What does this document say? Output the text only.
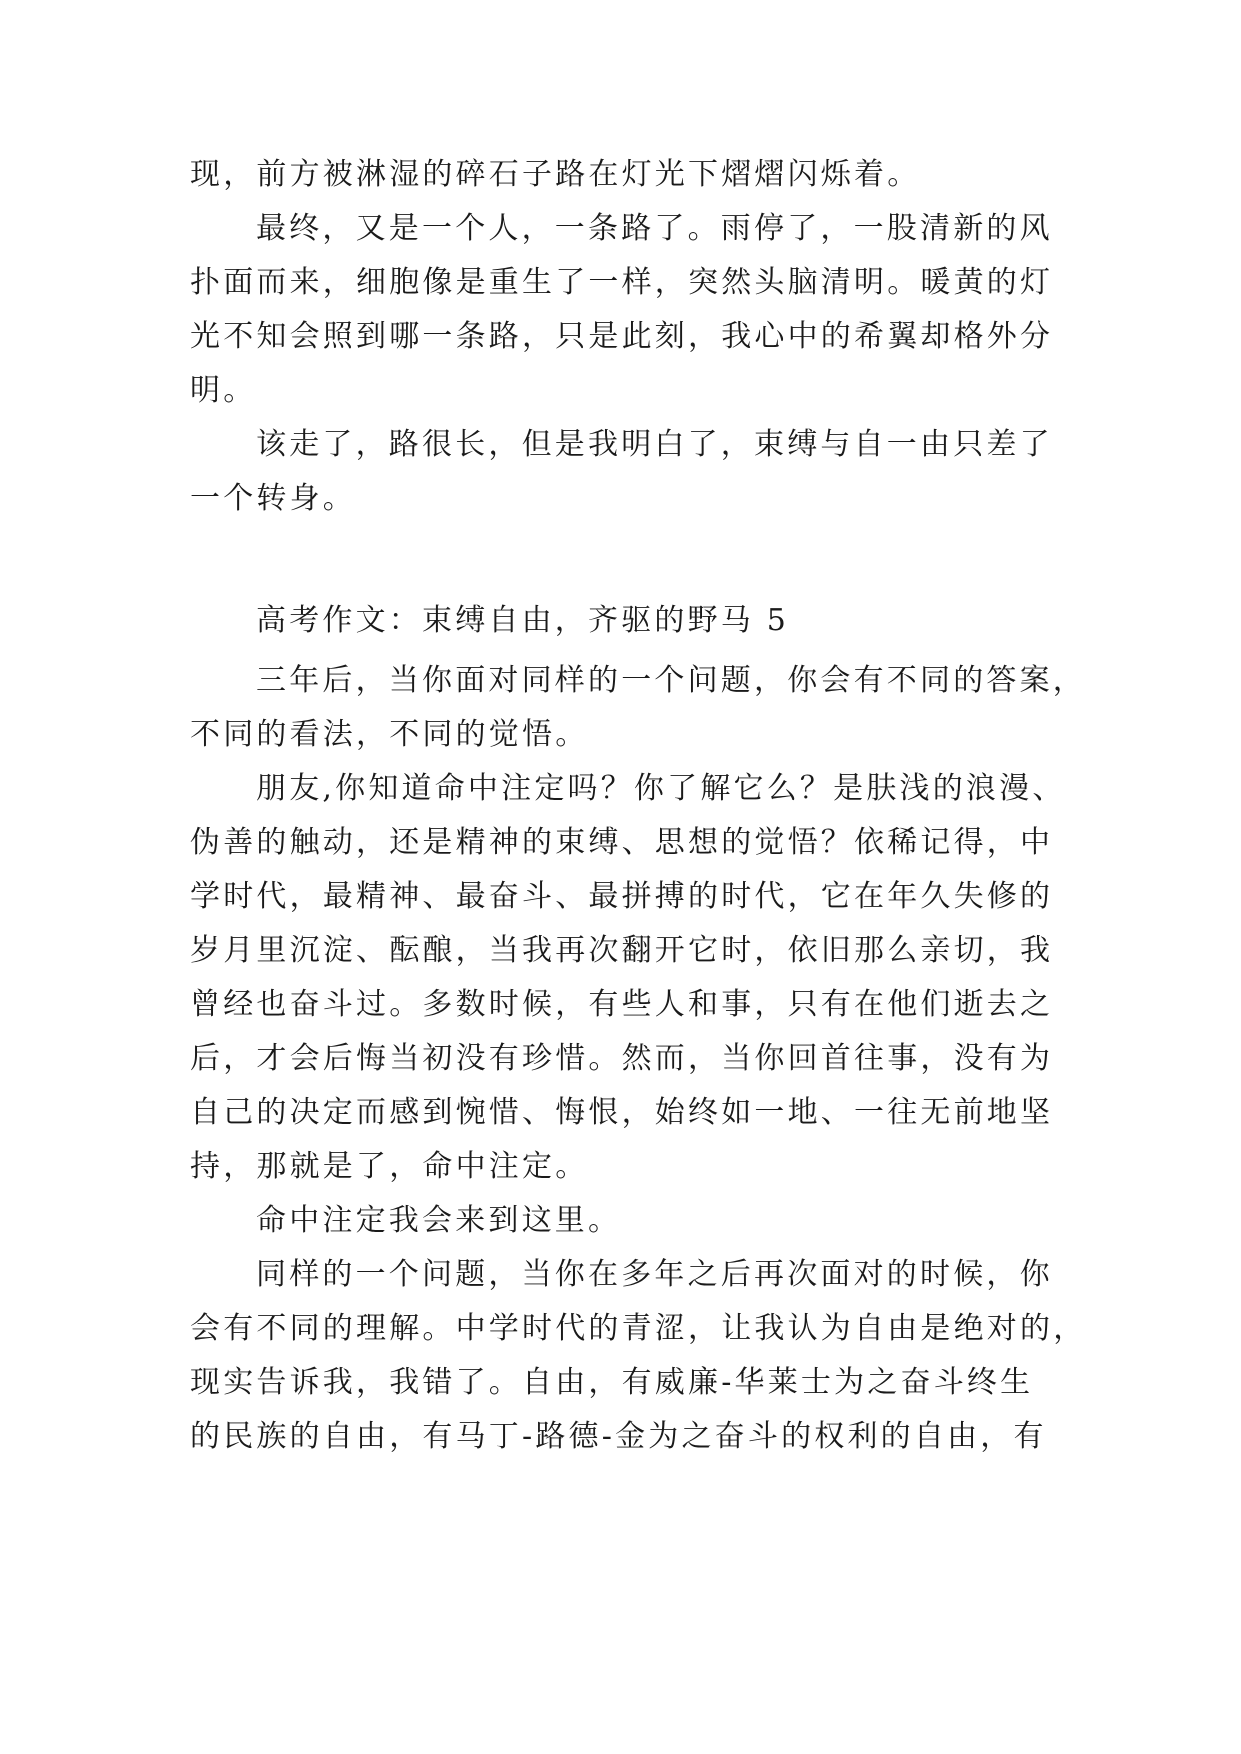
现，前方被淋湿的碎石子路在灯光下熠熠闪烁着。

最终，又是一个人，一条路了。雨停了，一股清新的风

扑面而来，细胞像是重生了一样，突然头脑清明。暖黄的灯

光不知会照到哪一条路，只是此刻，我心中的希翼却格外分

明。

该走了，路很长，但是我明白了，束缚与自一由只差了

一个转身。

高考作文：束缚自由，齐驱的野马 5

三年后，当你面对同样的一个问题，你会有不同的答案，

不同的看法，不同的觉悟。

朋友,你知道命中注定吗？你了解它么？是肤浅的浪漫、

伪善的触动，还是精神的束缚、思想的觉悟？依稀记得，中

学时代，最精神、最奋斗、最拼搏的时代，它在年久失修的

岁月里沉淀、酝酿，当我再次翻开它时，依旧那么亲切，我

曾经也奋斗过。多数时候，有些人和事，只有在他们逝去之

后，才会后悔当初没有珍惜。然而，当你回首往事，没有为

自己的决定而感到惋惜、悔恨，始终如一地、一往无前地坚

持，那就是了，命中注定。

命中注定我会来到这里。

同样的一个问题，当你在多年之后再次面对的时候，你

会有不同的理解。中学时代的青涩，让我认为自由是绝对的，

现实告诉我，我错了。自由，有威廉-华莱士为之奋斗终生

的民族的自由，有马丁-路德-金为之奋斗的权利的自由，有
